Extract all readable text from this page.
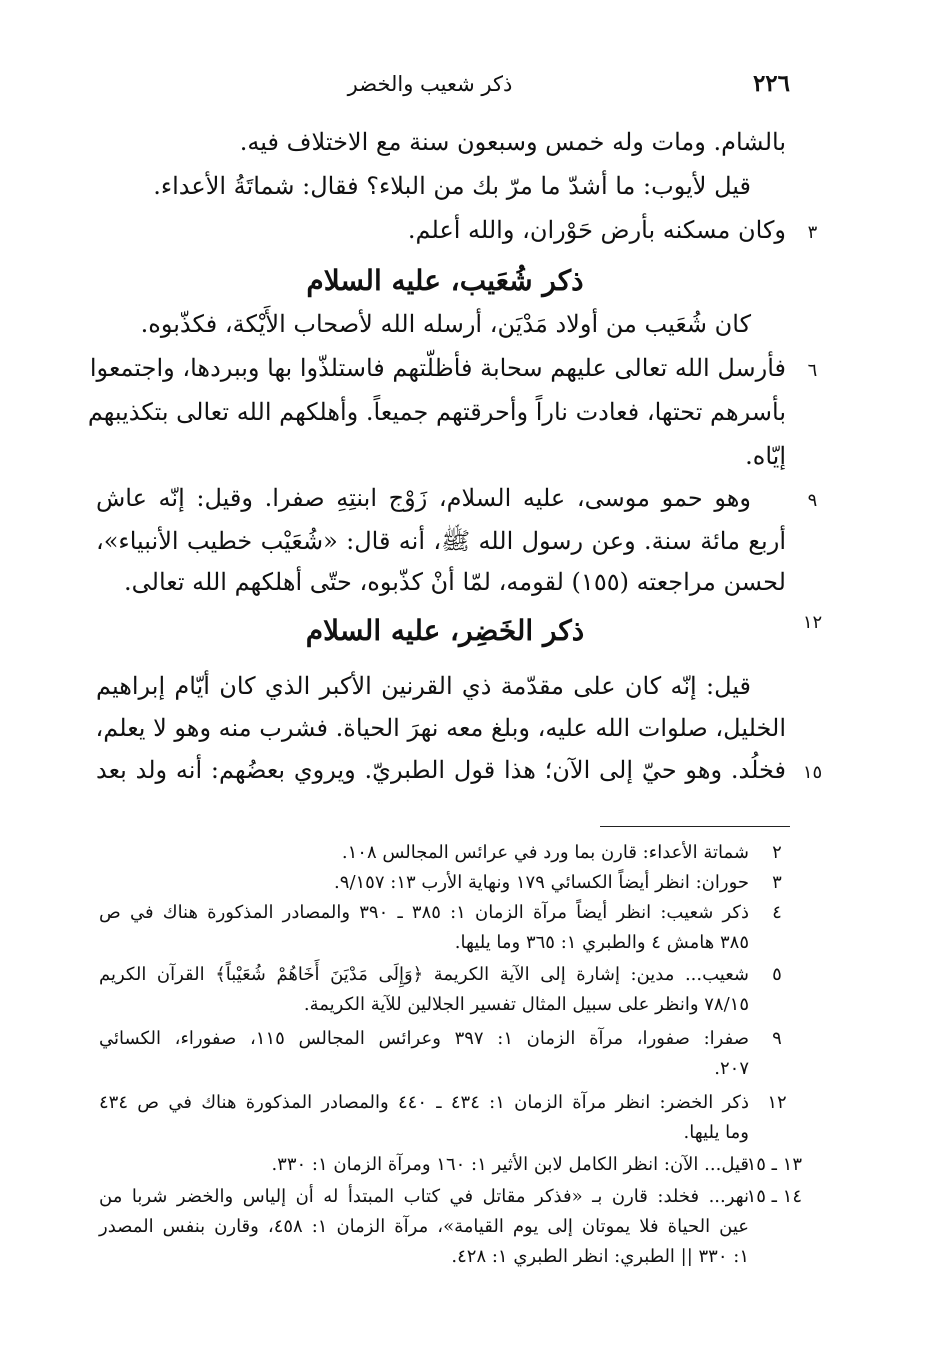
ذكر شعيب والخضر	٢٢٦
بالشام. ومات وله خمس وسبعون سنة مع الاختلاف فيه.
قيل لأيوب: ما أشدّ ما مرّ بك من البلاء؟ فقال: شماتَةُ الأعداء.
وكان مسكنه بأرض حَوْران، والله أعلم.	٣
ذكر شُعَيب، عليه السلام
كان شُعَيب من أولاد مَدْيَن، أرسله الله لأصحاب الأَيْكة، فكذّبوه.
فأرسل الله تعالى عليهم سحابة فأظلّتهم فاستلذّوا بها وببردها، واجتمعوا	٦
بأسرهم تحتها، فعادت ناراً وأحرقتهم جميعاً. وأهلكهم الله تعالى بتكذيبهم
إيّاه.
وهو حمو موسى، عليه السلام، زَوْج ابنتِهِ صفرا. وقيل: إنّه عاش	٩
أربع مائة سنة. وعن رسول الله ﷺ، أنه قال: «شُعَيْب خطيب الأنبياء»،
لحسن مراجعته (١٥٥) لقومه، لمّا أنْ كذّبوه، حتّى أهلكهم الله تعالى.
ذكر الخَضِر، عليه السلام	١٢
قيل: إنّه كان على مقدّمة ذي القرنين الأكبر الذي كان أيّام إبراهيم
الخليل، صلوات الله عليه، وبلغ معه نهرَ الحياة. فشرب منه وهو لا يعلم،
فخلُد. وهو حيّ إلى الآن؛ هذا قول الطبريّ. ويروي بعضُهم: أنه ولد بعد ١٥
٢
شماتة الأعداء: قارن بما ورد في عرائس المجالس ١٠٨.
٣
حوران: انظر أيضاً الكسائي ١٧٩ ونهاية الأرب ١٣: ٩/١٥٧.
٤
ذكر شعيب: انظر أيضاً مرآة الزمان ١: ٣٨٥ ـ ٣٩٠ والمصادر المذكورة هناك في ص
٣٨٥ هامش ٤ والطبري ١: ٣٦٥ وما يليها.
٥
شعيب... مدين: إشارة إلى الآية الكريمة ﴿وَإِلَى مَدْيَنَ أَخَاهُمْ شُعَيْباً﴾ القرآن الكريم
٧٨/١٥ وانظر على سبيل المثال تفسير الجلالين للآية الكريمة.
٩
صفرا: صفورا، مرآة الزمان ١: ٣٩٧ وعرائس المجالس ١١٥، صفوراء، الكسائي
٢٠٧.
١٢
ذكر الخضر: انظر مرآة الزمان ١: ٤٣٤ ـ ٤٤٠ والمصادر المذكورة هناك في ص ٤٣٤
وما يليها.
١٣ ـ ١٥
قيل... الآن: انظر الكامل لابن الأثير ١: ١٦٠ ومرآة الزمان ١: ٣٣٠.
١٤ ـ ١٥
نهر... فخلد: قارن بـ «فذكر مقاتل في كتاب المبتدأ له أن إلياس والخضر شربا من
عين الحياة فلا يموتان إلى يوم القيامة»، مرآة الزمان ١: ٤٥٨، وقارن بنفس المصدر
١: ٣٣٠ || الطبري: انظر الطبري ١: ٤٢٨.
